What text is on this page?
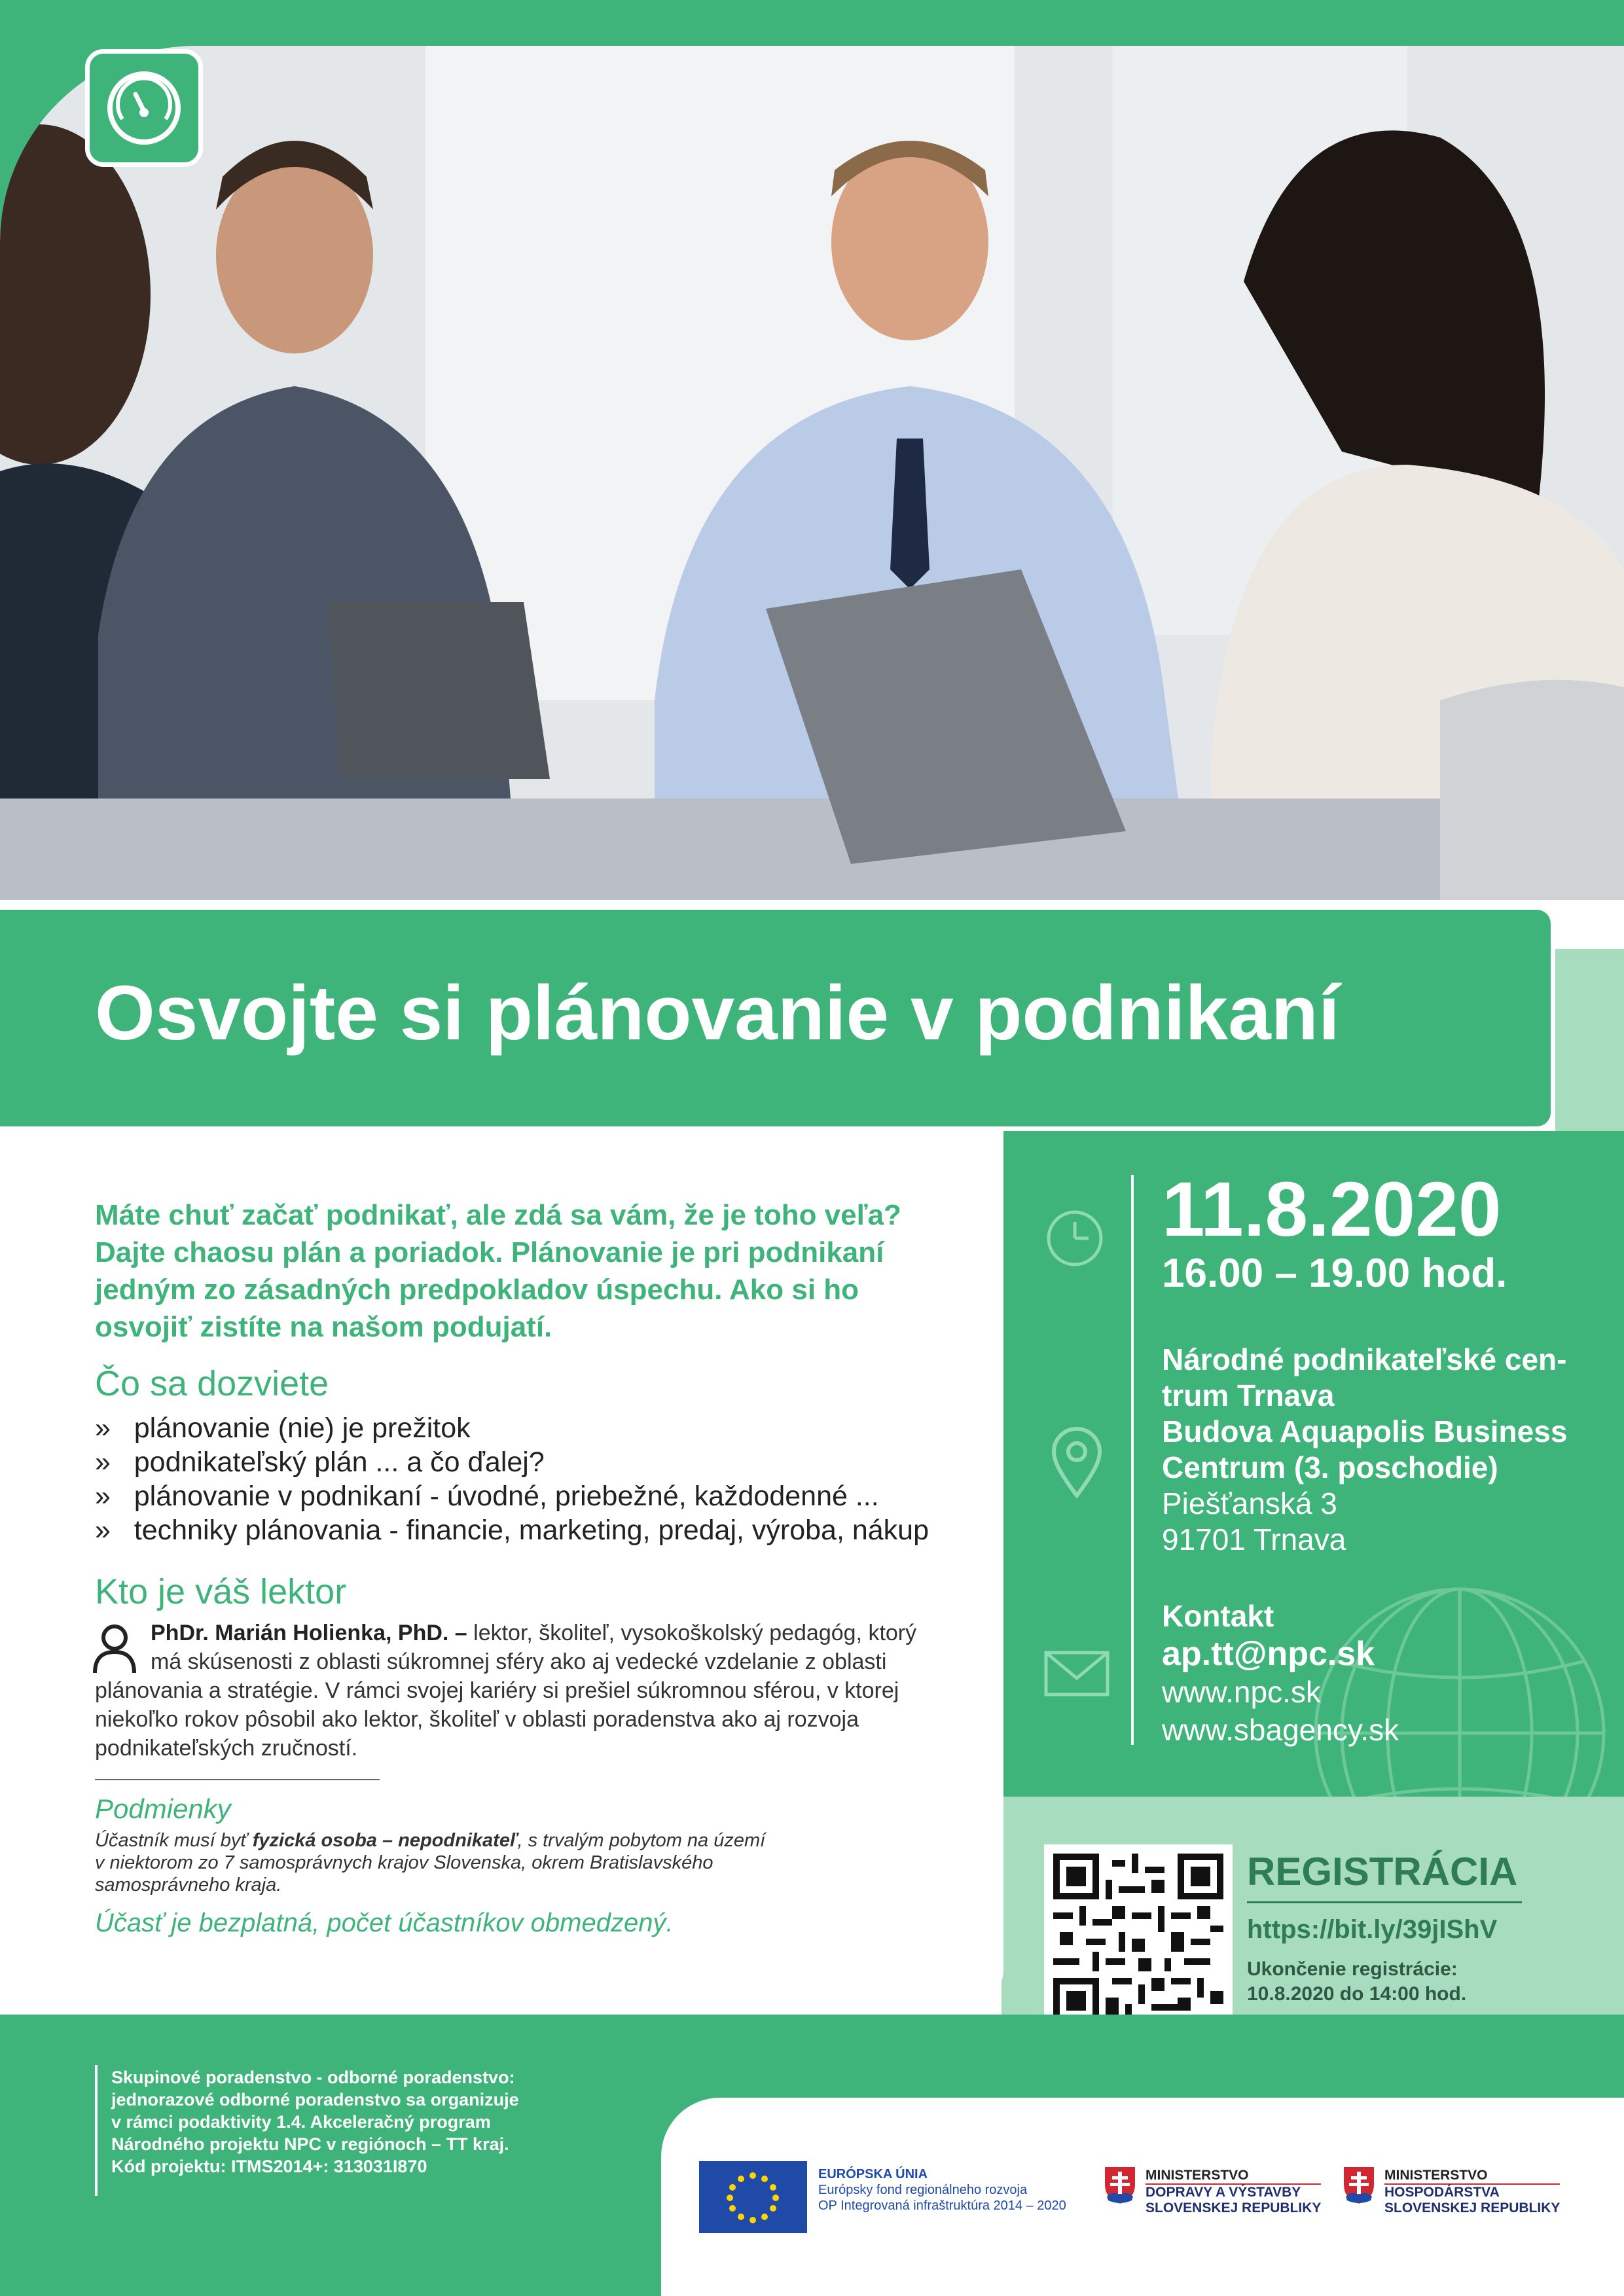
Osvojte si plánovanie v podnikaní
11.8.2020
16.00 – 19.00 hod.
Národné podnikateľské cen-
trum Trnava
Budova Aquapolis Business
Centrum (3. poschodie)
Piešťanská 3
91701 Trnava
Kontakt
ap.tt@npc.sk
www.npc.sk
www.sbagency.sk
REGISTRÁCIA
https://bit.ly/39jIShV
Ukončenie registrácie:
10.8.2020 do 14:00 hod.
Máte chuť začať podnikať, ale zdá sa vám, že je toho veľa? Dajte chaosu plán a poriadok. Plánovanie je pri podnikaní jedným zo zásadných predpokladov úspechu. Ako si ho osvojiť zistíte na našom podujatí.
Čo sa dozviete
» plánovanie (nie) je prežitok
» podnikateľský plán ... a čo ďalej?
» plánovanie v podnikaní - úvodné, priebežné, každodenné ...
» techniky plánovania - financie, marketing, predaj, výroba, nákup
Kto je váš lektor
PhDr. Marián Holienka, PhD. – lektor, školiteľ, vysokoškolský pedagóg, ktorý
má skúsenosti z oblasti súkromnej sféry ako aj vedecké vzdelanie z oblasti
plánovania a stratégie. V rámci svojej kariéry si prešiel súkromnou sférou, v ktorej
niekoľko rokov pôsobil ako lektor, školiteľ v oblasti poradenstva ako aj rozvoja
podnikateľských zručností.
Podmienky
Účastník musí byť fyzická osoba – nepodnikateľ, s trvalým pobytom na území
v niektorom zo 7 samosprávnych krajov Slovenska, okrem Bratislavského
samosprávneho kraja.
Účasť je bezplatná, počet účastníkov obmedzený.
Skupinové poradenstvo - odborné poradenstvo:
jednorazové odborné poradenstvo sa organizuje
v rámci podaktivity 1.4. Akceleračný program
Národného projektu NPC v regiónoch – TT kraj.
Kód projektu: ITMS2014+: 313031I870	EURÓPSKA ÚNIA
Európsky fond regionálneho rozvoja
OP Integrovaná infraštruktúra 2014 – 2020
MINISTERSTVO
DOPRAVY A VÝSTAVBY
SLOVENSKEJ REPUBLIKY
MINISTERSTVO
HOSPODÁRSTVA
SLOVENSKEJ REPUBLIKY
